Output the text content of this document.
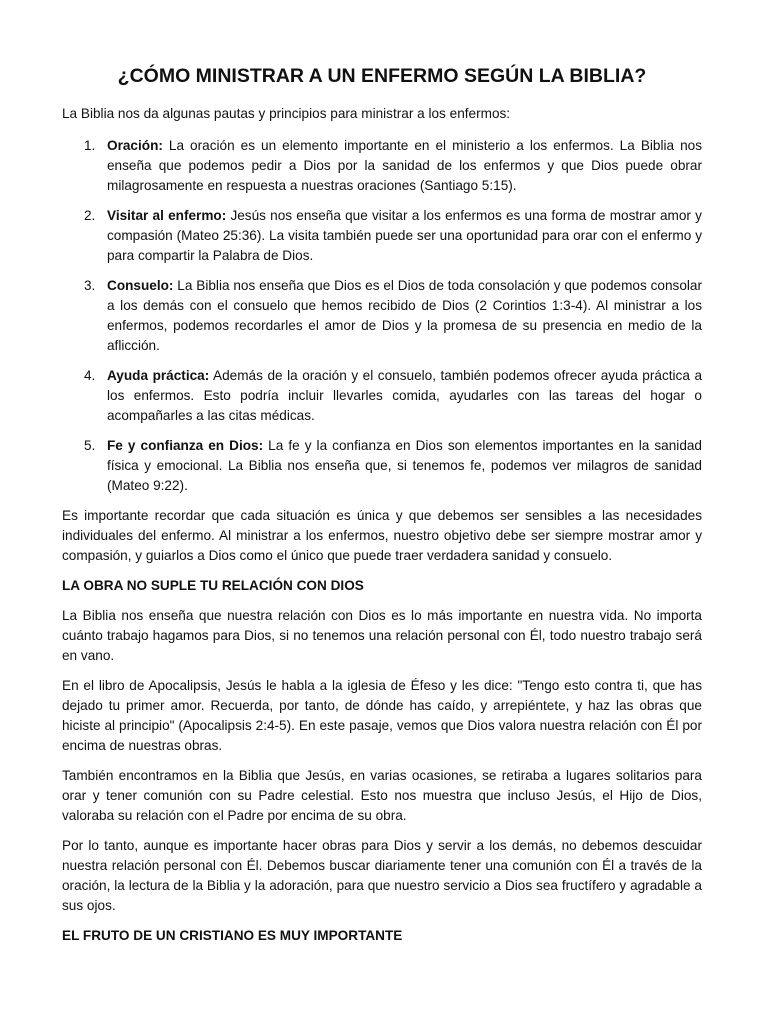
¿CÓMO MINISTRAR A UN ENFERMO SEGÚN LA BIBLIA?

La Biblia nos da algunas pautas y principios para ministrar a los enfermos:

1. Oración: La oración es un elemento importante en el ministerio a los enfermos. La Biblia nos enseña que podemos pedir a Dios por la sanidad de los enfermos y que Dios puede obrar milagrosamente en respuesta a nuestras oraciones (Santiago 5:15).

2. Visitar al enfermo: Jesús nos enseña que visitar a los enfermos es una forma de mostrar amor y compasión (Mateo 25:36). La visita también puede ser una oportunidad para orar con el enfermo y para compartir la Palabra de Dios.

3. Consuelo: La Biblia nos enseña que Dios es el Dios de toda consolación y que podemos consolar a los demás con el consuelo que hemos recibido de Dios (2 Corintios 1:3-4). Al ministrar a los enfermos, podemos recordarles el amor de Dios y la promesa de su presencia en medio de la aflicción.

4. Ayuda práctica: Además de la oración y el consuelo, también podemos ofrecer ayuda práctica a los enfermos. Esto podría incluir llevarles comida, ayudarles con las tareas del hogar o acompañarles a las citas médicas.

5. Fe y confianza en Dios: La fe y la confianza en Dios son elementos importantes en la sanidad física y emocional. La Biblia nos enseña que, si tenemos fe, podemos ver milagros de sanidad (Mateo 9:22).

Es importante recordar que cada situación es única y que debemos ser sensibles a las necesidades individuales del enfermo. Al ministrar a los enfermos, nuestro objetivo debe ser siempre mostrar amor y compasión, y guiarlos a Dios como el único que puede traer verdadera sanidad y consuelo.

LA OBRA NO SUPLE TU RELACIÓN CON DIOS

La Biblia nos enseña que nuestra relación con Dios es lo más importante en nuestra vida. No importa cuánto trabajo hagamos para Dios, si no tenemos una relación personal con Él, todo nuestro trabajo será en vano.

En el libro de Apocalipsis, Jesús le habla a la iglesia de Éfeso y les dice: "Tengo esto contra ti, que has dejado tu primer amor. Recuerda, por tanto, de dónde has caído, y arrepiéntete, y haz las obras que hiciste al principio" (Apocalipsis 2:4-5). En este pasaje, vemos que Dios valora nuestra relación con Él por encima de nuestras obras.

También encontramos en la Biblia que Jesús, en varias ocasiones, se retiraba a lugares solitarios para orar y tener comunión con su Padre celestial. Esto nos muestra que incluso Jesús, el Hijo de Dios, valoraba su relación con el Padre por encima de su obra.

Por lo tanto, aunque es importante hacer obras para Dios y servir a los demás, no debemos descuidar nuestra relación personal con Él. Debemos buscar diariamente tener una comunión con Él a través de la oración, la lectura de la Biblia y la adoración, para que nuestro servicio a Dios sea fructífero y agradable a sus ojos.

EL FRUTO DE UN CRISTIANO ES MUY IMPORTANTE
